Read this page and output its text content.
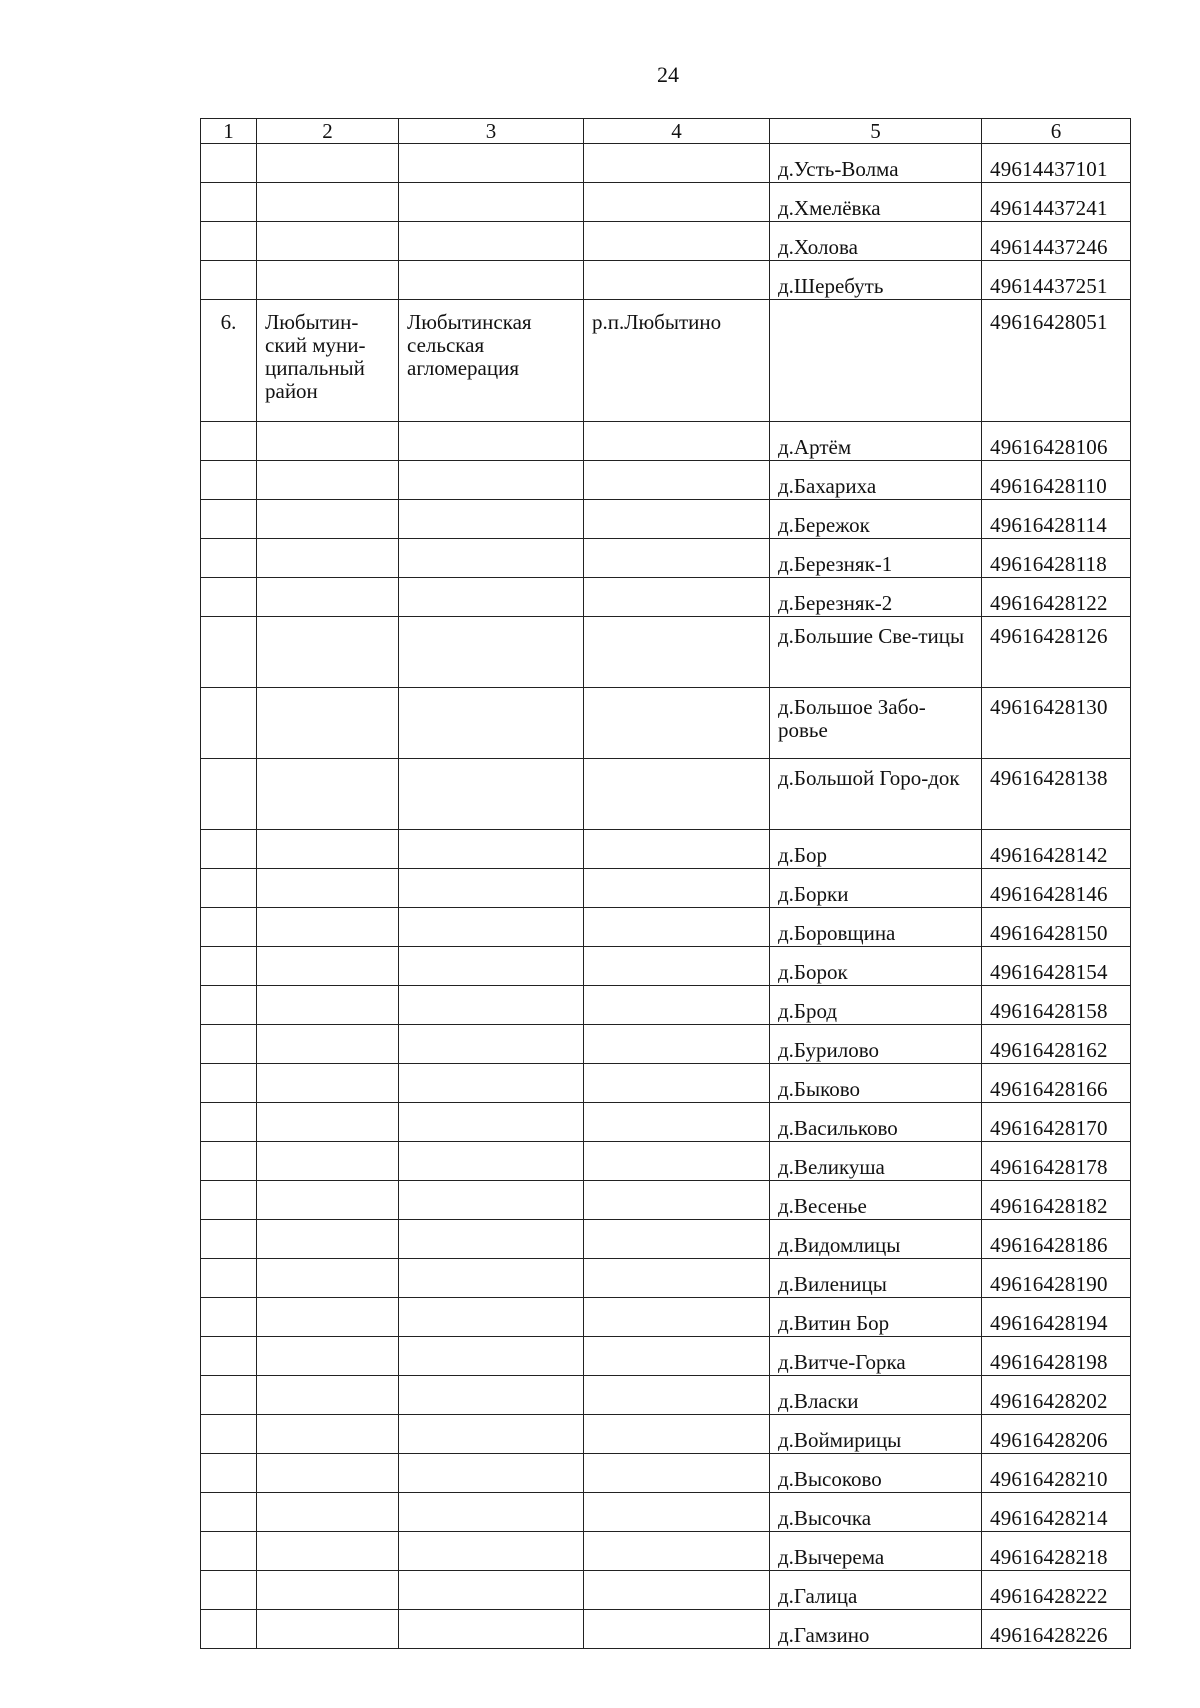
24
1	2	3	4	5	6
				д.Усть-Волма	49614437101
				д.Хмелёвка	49614437241
				д.Холова	49614437246
				д.Шеребуть	49614437251
6.	Любытин-ский муни-ципальный район	Любытинская сельская агломерация	р.п.Любытино		49616428051
				д.Артём	49616428106
				д.Бахариха	49616428110
				д.Бережок	49616428114
				д.Березняк-1	49616428118
				д.Березняк-2	49616428122
				д.Большие Све-тицы	49616428126
				д.Большое Забо-ровье	49616428130
				д.Большой Горо-док	49616428138
				д.Бор	49616428142
				д.Борки	49616428146
				д.Боровщина	49616428150
				д.Борок	49616428154
				д.Брод	49616428158
				д.Бурилово	49616428162
				д.Быково	49616428166
				д.Васильково	49616428170
				д.Великуша	49616428178
				д.Весенье	49616428182
				д.Видомлицы	49616428186
				д.Виленицы	49616428190
				д.Витин Бор	49616428194
				д.Витче-Горка	49616428198
				д.Власки	49616428202
				д.Воймирицы	49616428206
				д.Высоково	49616428210
				д.Высочка	49616428214
				д.Вычерема	49616428218
				д.Галица	49616428222
				д.Гамзино	49616428226
